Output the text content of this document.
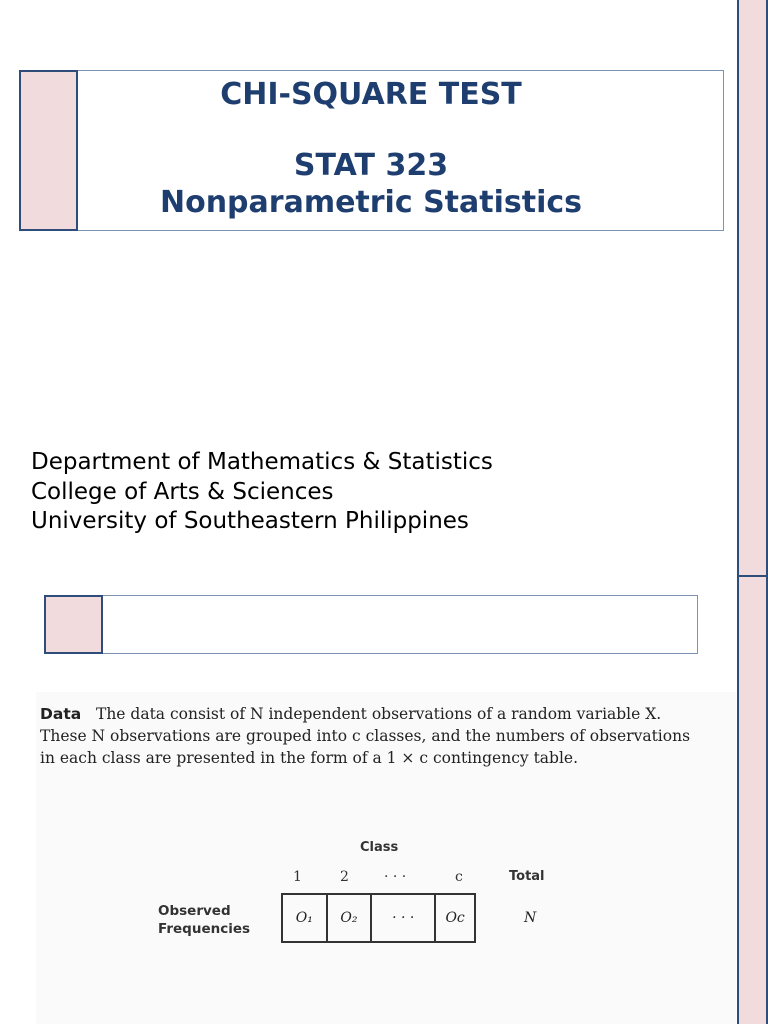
CHI-SQUARE TEST
STAT 323
Nonparametric Statistics
Department of Mathematics & Statistics
College of Arts & Sciences
University of Southeastern Philippines
Data The data consist of N independent observations of a random variable X.
These N observations are grouped into c classes, and the numbers of observations
in each class are presented in the form of a 1 × c contingency table.
Class
1	2	· · ·	c	Total
Observed
Frequencies
O₁	O₂	· · ·	Oc	N
